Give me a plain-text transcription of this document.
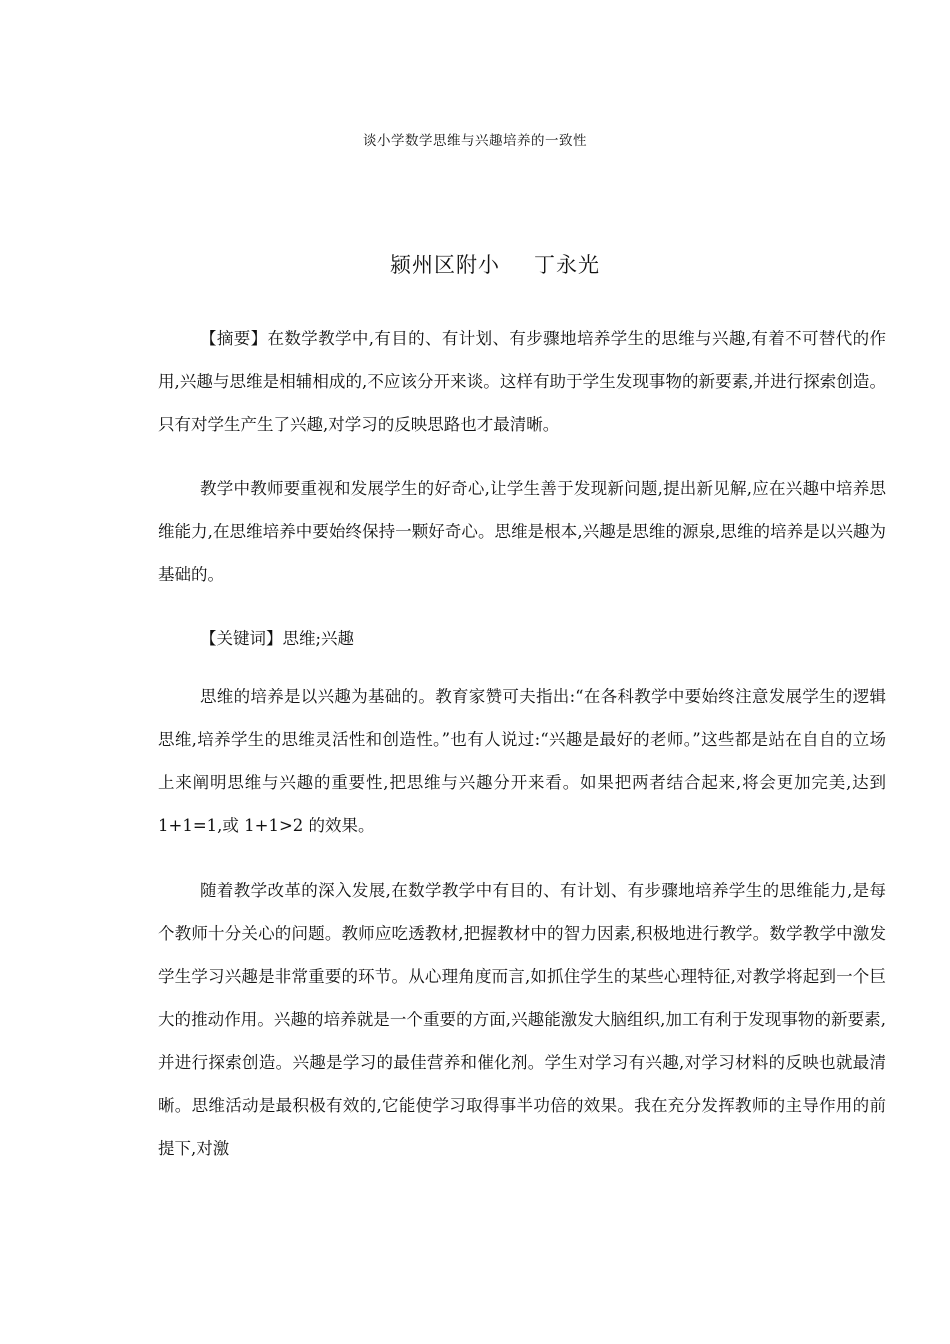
谈小学数学思维与兴趣培养的一致性
颍州区附小 丁永光

【摘要】在数学教学中,有目的、有计划、有步骤地培养学生的思维与兴趣,有着不可替代的作用,兴趣与思维是相辅相成的,不应该分开来谈。这样有助于学生发现事物的新要素,并进行探索创造。只有对学生产生了兴趣,对学习的反映思路也才最清晰。

教学中教师要重视和发展学生的好奇心,让学生善于发现新问题,提出新见解,应在兴趣中培养思维能力,在思维培养中要始终保持一颗好奇心。思维是根本,兴趣是思维的源泉,思维的培养是以兴趣为基础的。

【关键词】思维;兴趣

思维的培养是以兴趣为基础的。教育家赞可夫指出:“在各科教学中要始终注意发展学生的逻辑思维,培养学生的思维灵活性和创造性。”也有人说过:“兴趣是最好的老师。”这些都是站在自自的立场上来阐明思维与兴趣的重要性,把思维与兴趣分开来看。如果把两者结合起来,将会更加完美,达到 1+1=1,或 1+1>2 的效果。

随着教学改革的深入发展,在数学教学中有目的、有计划、有步骤地培养学生的思维能力,是每个教师十分关心的问题。教师应吃透教材,把握教材中的智力因素,积极地进行教学。数学教学中激发学生学习兴趣是非常重要的环节。从心理角度而言,如抓住学生的某些心理特征,对教学将起到一个巨大的推动作用。兴趣的培养就是一个重要的方面,兴趣能激发大脑组织,加工有利于发现事物的新要素,并进行探索创造。兴趣是学习的最佳营养和催化剂。学生对学习有兴趣,对学习材料的反映也就最清晰。思维活动是最积极有效的,它能使学习取得事半功倍的效果。我在充分发挥教师的主导作用的前提下,对激
